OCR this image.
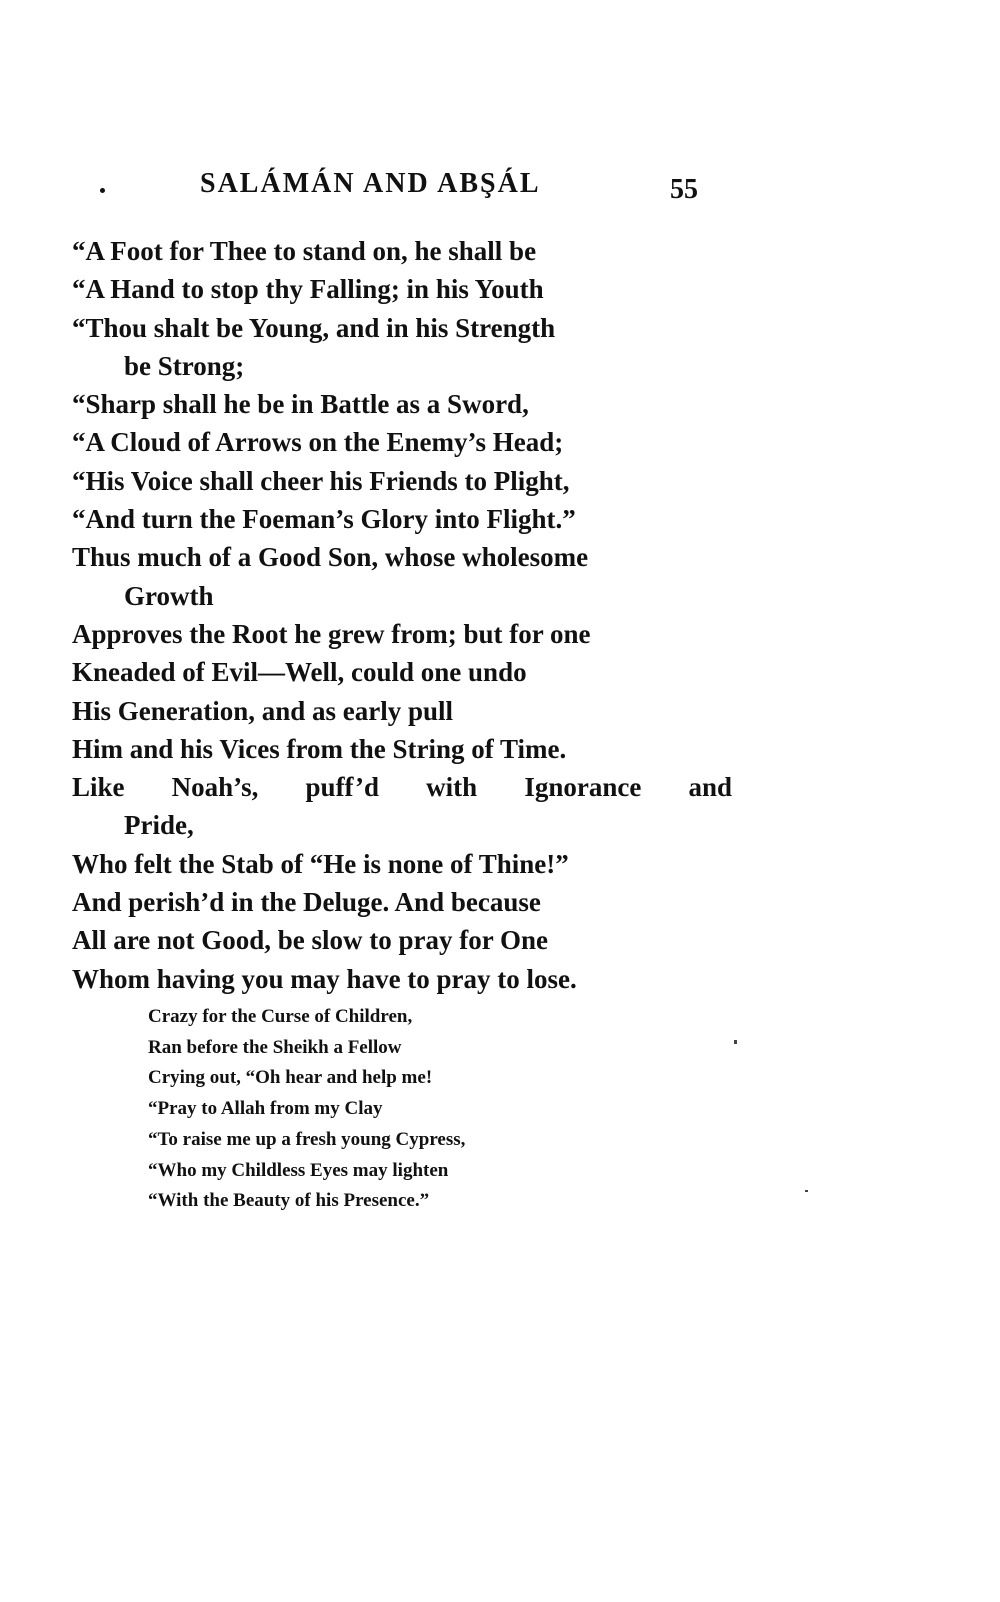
SALÁMÁN AND ABŞÁL	55
“A Foot for Thee to stand on, he shall be
“A Hand to stop thy Falling; in his Youth
“Thou shalt be Young, and in his Strength
be Strong;
“Sharp shall he be in Battle as a Sword,
“A Cloud of Arrows on the Enemy’s Head;
“His Voice shall cheer his Friends to Plight,
“And turn the Foeman’s Glory into Flight.”
Thus much of a Good Son, whose wholesome
Growth
Approves the Root he grew from; but for one
Kneaded of Evil—Well, could one undo
His Generation, and as early pull
Him and his Vices from the String of Time.
Like Noah’s, puff’d with Ignorance and
Pride,
Who felt the Stab of “He is none of Thine!”
And perish’d in the Deluge. And because
All are not Good, be slow to pray for One
Whom having you may have to pray to lose.
Crazy for the Curse of Children,
Ran before the Sheikh a Fellow
Crying out, “Oh hear and help me!
“Pray to Allah from my Clay
“To raise me up a fresh young Cypress,
“Who my Childless Eyes may lighten
“With the Beauty of his Presence.”
